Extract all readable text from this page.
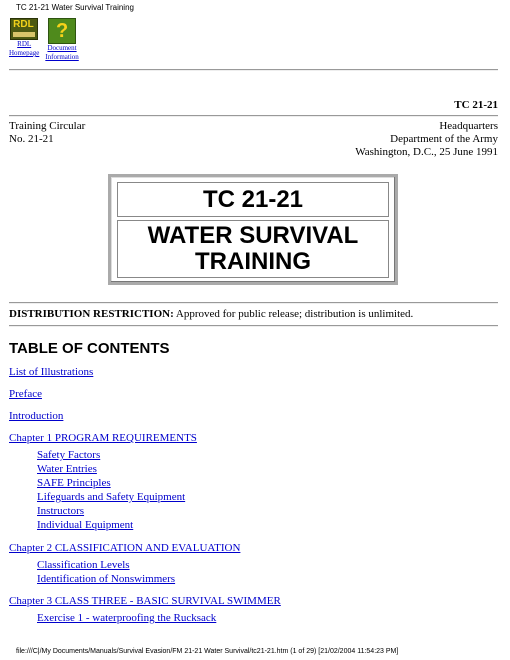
TC 21-21 Water Survival Training
RDL
RDL
Homepage
?
Document
Information
TC 21-21
Training Circular
No. 21-21
Headquarters
Department of the Army
Washington, D.C., 25 June 1991
TC 21-21
WATER SURVIVAL
TRAINING
DISTRIBUTION RESTRICTION: Approved for public release; distribution is unlimited.
TABLE OF CONTENTS
List of Illustrations
Preface
Introduction
Chapter 1 PROGRAM REQUIREMENTS
Safety Factors
Water Entries
SAFE Principles
Lifeguards and Safety Equipment
Instructors
Individual Equipment
Chapter 2 CLASSIFICATION AND EVALUATION
Classification Levels
Identification of Nonswimmers
Chapter 3 CLASS THREE - BASIC SURVIVAL SWIMMER
Exercise 1 - waterproofing the Rucksack
file:///C|/My Documents/Manuals/Survival Evasion/FM 21-21 Water Survival/tc21-21.htm (1 of 29) [21/02/2004 11:54:23 PM]
